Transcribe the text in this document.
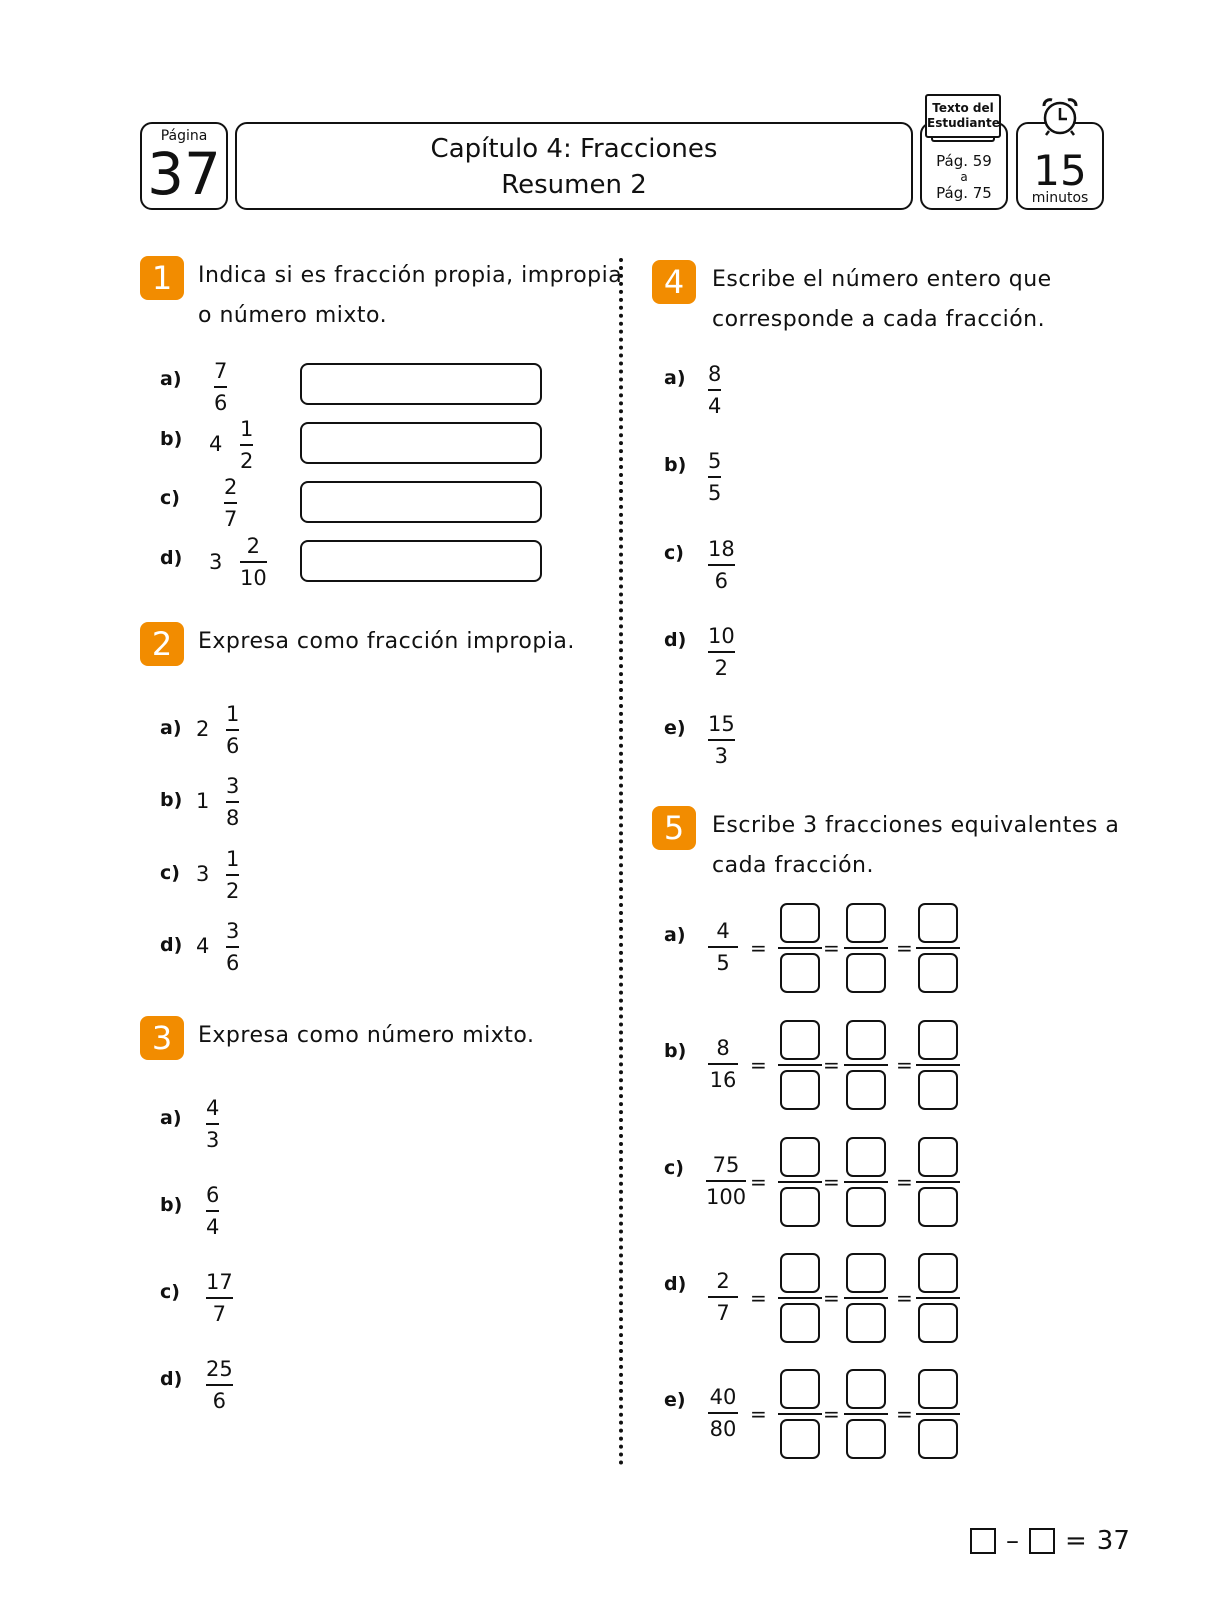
Página
37	Capítulo 4: Fracciones
Resumen 2
Pág. 59
a
Pág. 75
Texto del
Estudiante
15
minutos
1	Indica si es fracción propia, impropia
o número mixto.
a) 7
6
b) 4
1
2
c) 2
7
d) 3
2
10
2	Expresa como fracción impropia.
a) 2
1
6
b) 1
3
8
c) 3
1
2
d) 4
3
6
3	Expresa como número mixto.
a) 4
3
b) 6
4
c) 17
7
d) 25
6
4	Escribe el número entero que
corresponde a cada fracción.
a) 8
4
b) 5
5
c) 18
6
d) 10
2
e) 15
3
5	Escribe 3 fracciones equivalentes a
cada fracción.
a) 4
5
=	=	=
b) 8
16
=	=	=
c) 75
100
=	=	=
d) 2
7
=	=	=
e) 40
80
=	=	=
– = 37
